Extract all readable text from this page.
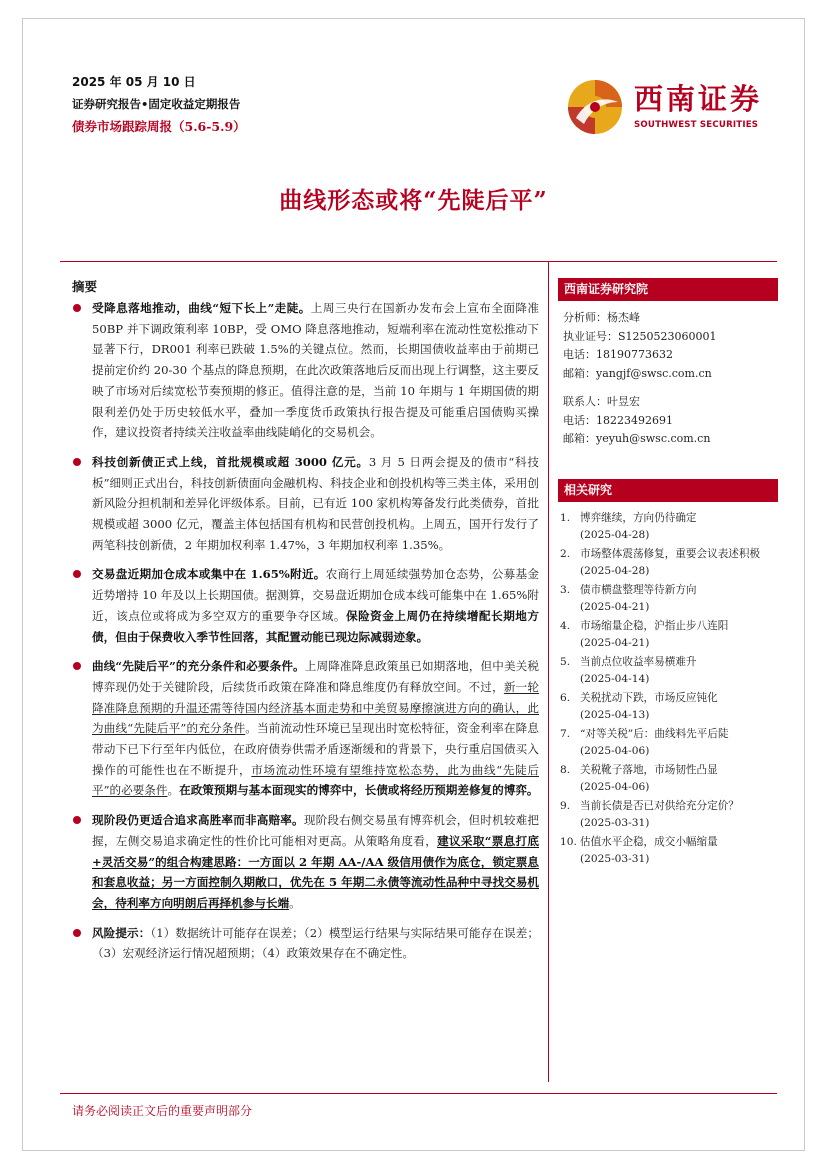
2025 年 05 月 10 日
证券研究报告•固定收益定期报告
债券市场跟踪周报（5.6-5.9）
西南证券
SOUTHWEST SECURITIES
曲线形态或将“先陡后平”
摘要
受降息落地推动，曲线“短下长上”走陡。上周三央行在国新办发布会上宣布全面降准 50BP 并下调政策利率 10BP，受 OMO 降息落地推动，短端利率在流动性宽松推动下显著下行，DR001 利率已跌破 1.5%的关键点位。然而，长期国债收益率由于前期已提前定价约 20-30 个基点的降息预期，在此次政策落地后反而出现上行调整，这主要反映了市场对后续宽松节奏预期的修正。值得注意的是，当前 10 年期与 1 年期国债的期限利差仍处于历史较低水平，叠加一季度货币政策执行报告提及可能重启国债购买操作，建议投资者持续关注收益率曲线陡峭化的交易机会。
科技创新债正式上线，首批规模或超 3000 亿元。3 月 5 日两会提及的债市“科技板”细则正式出台，科技创新债面向金融机构、科技企业和创投机构等三类主体，采用创新风险分担机制和差异化评级体系。目前，已有近 100 家机构筹备发行此类债券，首批规模或超 3000 亿元，覆盖主体包括国有机构和民营创投机构。上周五，国开行发行了两笔科技创新债，2 年期加权利率 1.47%，3 年期加权利率 1.35%。
交易盘近期加仓成本或集中在 1.65%附近。农商行上周延续强势加仓态势，公募基金近势增持 10 年及以上长期国债。据测算，交易盘近期加仓成本线可能集中在 1.65%附近，该点位或将成为多空双方的重要争夺区域。保险资金上周仍在持续增配长期地方债，但由于保费收入季节性回落，其配置动能已现边际减弱迹象。
曲线“先陡后平”的充分条件和必要条件。上周降准降息政策虽已如期落地，但中美关税博弈现仍处于关键阶段，后续货币政策在降准和降息维度仍有释放空间。不过，新一轮降准降息预期的升温还需等待国内经济基本面走势和中美贸易摩擦演进方向的确认，此为曲线“先陡后平”的充分条件。当前流动性环境已呈现出时宽松特征，资金利率在降息带动下已下行至年内低位，在政府债券供需矛盾逐渐缓和的背景下，央行重启国债买入操作的可能性也在不断提升，市场流动性环境有望维持宽松态势，此为曲线“先陡后平”的必要条件。在政策预期与基本面现实的博弈中，长债或将经历预期差修复的博弈。
现阶段仍更适合追求高胜率而非高赔率。现阶段右侧交易虽有博弈机会，但时机较难把握，左侧交易追求确定性的性价比可能相对更高。从策略角度看，建议采取“票息打底+灵活交易”的组合构建思路：一方面以 2 年期 AA-/AA 级信用债作为底仓，锁定票息和套息收益；另一方面控制久期敞口，优先在 5 年期二永债等流动性品种中寻找交易机会，待利率方向明朗后再择机参与长端。
风险提示：（1）数据统计可能存在误差；（2）模型运行结果与实际结果可能存在误差；（3）宏观经济运行情况超预期；（4）政策效果存在不确定性。
西南证券研究院
分析师：杨杰峰
执业证号：S1250523060001
电话：18190773632
邮箱：yangjf@swsc.com.cn
联系人：叶昱宏
电话：18223492691
邮箱：yeyuh@swsc.com.cn
相关研究
1. 博弈继续，方向仍待确定
(2025-04-28)
2. 市场整体震荡修复，重要会议表述积极
(2025-04-28)
3. 债市横盘整理等待新方向
(2025-04-21)
4. 市场缩量企稳，沪指止步八连阳
(2025-04-21)
5. 当前点位收益率易横难升
(2025-04-14)
6. 关税扰动下跌，市场反应钝化
(2025-04-13)
7. “对等关税”后：曲线料先平后陡
(2025-04-06)
8. 关税靴子落地，市场韧性凸显
(2025-04-06)
9. 当前长债是否已对供给充分定价？
(2025-03-31)
10. 估值水平企稳，成交小幅缩量
(2025-03-31)
请务必阅读正文后的重要声明部分
